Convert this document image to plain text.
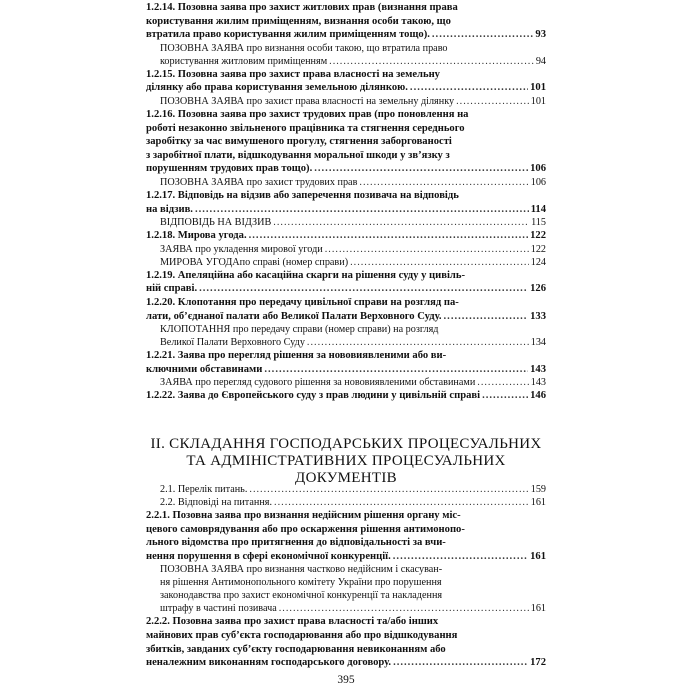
1.2.14. Позовна заява про захист житлових прав (визнання права
користування жилим приміщенням, визнання особи такою, що
втратила право користування жилим приміщенням тощо). .....	93
ПОЗОВНА ЗАЯВА про визнання особи такою, що втратила право
користування житловим приміщенням .....	94
1.2.15. Позовна заява про захист права власності на земельну
ділянку або права користування земельною ділянкою. .....	101
ПОЗОВНА ЗАЯВА про захист права власності на земельну ділянку .....	101
1.2.16. Позовна заява про захист трудових прав (про поновлення на
роботі незаконно звільненого працівника та стягнення середнього
заробітку за час вимушеного прогулу, стягнення заборгованості
з заробітної плати, відшкодування моральної шкоди у зв’язку з
порушенням трудових прав тощо). .....	106
ПОЗОВНА ЗАЯВА про захист трудових прав .....	106
1.2.17. Відповідь на відзив або заперечення позивача на відповідь
на відзив. .....	114
ВІДПОВІДЬ НА ВІДЗИВ .....	115
1.2.18. Мирова угода. .....	122
ЗАЯВА про укладення мирової угоди .....	122
МИРОВА УГОДАпо справі (номер справи) .....	124
1.2.19. Апеляційна або касаційна скарги на рішення суду у цивіль-
ній справі. .....	126
1.2.20. Клопотання про передачу цивільної справи на розгляд па-
лати, об’єднаної палати або Великої Палати Верховного Суду. .....	133
КЛОПОТАННЯ про передачу справи (номер справи) на розгляд
Великої Палати Верховного Суду .....	134
1.2.21. Заява про перегляд рішення за нововиявленими або ви-
ключними обставинами .....	143
ЗАЯВА про перегляд судового рішення за нововиявленими обставинами .....	143
1.2.22. Заява до Європейського суду з прав людини у цивільній справі .....	146
II. СКЛАДАННЯ ГОСПОДАРСЬКИХ ПРОЦЕСУАЛЬНИХ
ТА АДМІНІСТРАТИВНИХ ПРОЦЕСУАЛЬНИХ
ДОКУМЕНТІВ
2.1. Перелік питань. .....	159
2.2. Відповіді на питання. .....	161
2.2.1. Позовна заява про визнання недійсним рішення органу міс-
цевого самоврядування або про оскарження рішення антимонопо-
льного відомства про притягнення до відповідальності за вчи-
нення порушення в сфері економічної конкуренції. .....	161
ПОЗОВНА ЗАЯВА про визнання частково недійсним і скасуван-
ня рішення Антимонопольного комітету України про порушення
законодавства про захист економічної конкуренції та накладення
штрафу в частині позивача .....	161
2.2.2. Позовна заява про захист права власності та/або інших
майнових прав суб’єкта господарювання або про відшкодування
збитків, завданих суб’єкту господарювання невиконанням або
неналежним виконанням господарського договору. .....	172
395
